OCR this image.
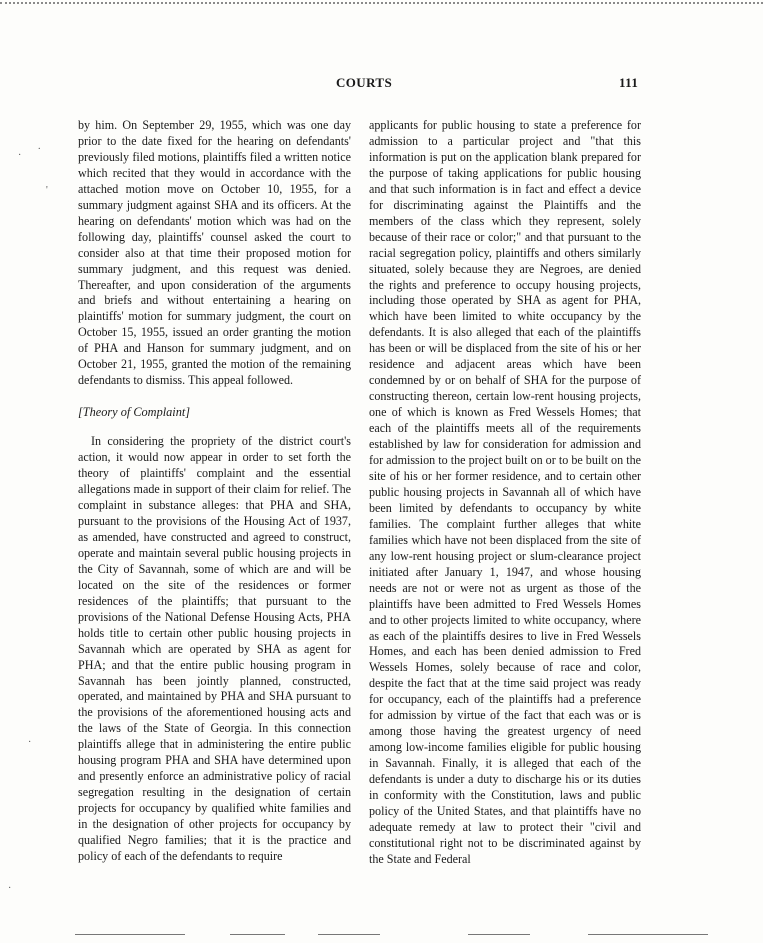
COURTS	111

by him. On September 29, 1955, which was one day prior to the date fixed for the hearing on defendants' previously filed motions, plaintiffs filed a written notice which recited that they would in accordance with the attached motion move on October 10, 1955, for a summary judgment against SHA and its officers. At the hearing on defendants' motion which was had on the following day, plaintiffs' counsel asked the court to consider also at that time their proposed motion for summary judgment, and this request was denied. Thereafter, and upon consideration of the arguments and briefs and without entertaining a hearing on plaintiffs' motion for summary judgment, the court on October 15, 1955, issued an order granting the motion of PHA and Hanson for summary judgment, and on October 21, 1955, granted the motion of the remaining defendants to dismiss. This appeal followed.

[Theory of Complaint]

In considering the propriety of the district court's action, it would now appear in order to set forth the theory of plaintiffs' complaint and the essential allegations made in support of their claim for relief. The complaint in substance alleges: that PHA and SHA, pursuant to the provisions of the Housing Act of 1937, as amended, have constructed and agreed to construct, operate and maintain several public housing projects in the City of Savannah, some of which are and will be located on the site of the residences or former residences of the plaintiffs; that pursuant to the provisions of the National Defense Housing Acts, PHA holds title to certain other public housing projects in Savannah which are operated by SHA as agent for PHA; and that the entire public housing program in Savannah has been jointly planned, constructed, operated, and maintained by PHA and SHA pursuant to the provisions of the aforementioned housing acts and the laws of the State of Georgia. In this connection plaintiffs allege that in administering the entire public housing program PHA and SHA have determined upon and presently enforce an administrative policy of racial segregation resulting in the designation of certain projects for occupancy by qualified white families and in the designation of other projects for occupancy by qualified Negro families; that it is the practice and policy of each of the defendants to require

applicants for public housing to state a preference for admission to a particular project and "that this information is put on the application blank prepared for the purpose of taking applications for public housing and that such information is in fact and effect a device for discriminating against the Plaintiffs and the members of the class which they represent, solely because of their race or color;" and that pursuant to the racial segregation policy, plaintiffs and others similarly situated, solely because they are Negroes, are denied the rights and preference to occupy housing projects, including those operated by SHA as agent for PHA, which have been limited to white occupancy by the defendants. It is also alleged that each of the plaintiffs has been or will be displaced from the site of his or her residence and adjacent areas which have been condemned by or on behalf of SHA for the purpose of constructing thereon, certain low-rent housing projects, one of which is known as Fred Wessels Homes; that each of the plaintiffs meets all of the requirements established by law for consideration for admission and for admission to the project built on or to be built on the site of his or her former residence, and to certain other public housing projects in Savannah all of which have been limited by defendants to occupancy by white families. The complaint further alleges that white families which have not been displaced from the site of any low-rent housing project or slum-clearance project initiated after January 1, 1947, and whose housing needs are not or were not as urgent as those of the plaintiffs have been admitted to Fred Wessels Homes and to other projects limited to white occupancy, where as each of the plaintiffs desires to live in Fred Wessels Homes, and each has been denied admission to Fred Wessels Homes, solely because of race and color, despite the fact that at the time said project was ready for occupancy, each of the plaintiffs had a preference for admission by virtue of the fact that each was or is among those having the greatest urgency of need among low-income families eligible for public housing in Savannah. Finally, it is alleged that each of the defendants is under a duty to discharge his or its duties in conformity with the Constitution, laws and public policy of the United States, and that plaintiffs have no adequate remedy at law to protect their "civil and constitutional right not to be discriminated against by the State and Federal

.
·
'
·
·
